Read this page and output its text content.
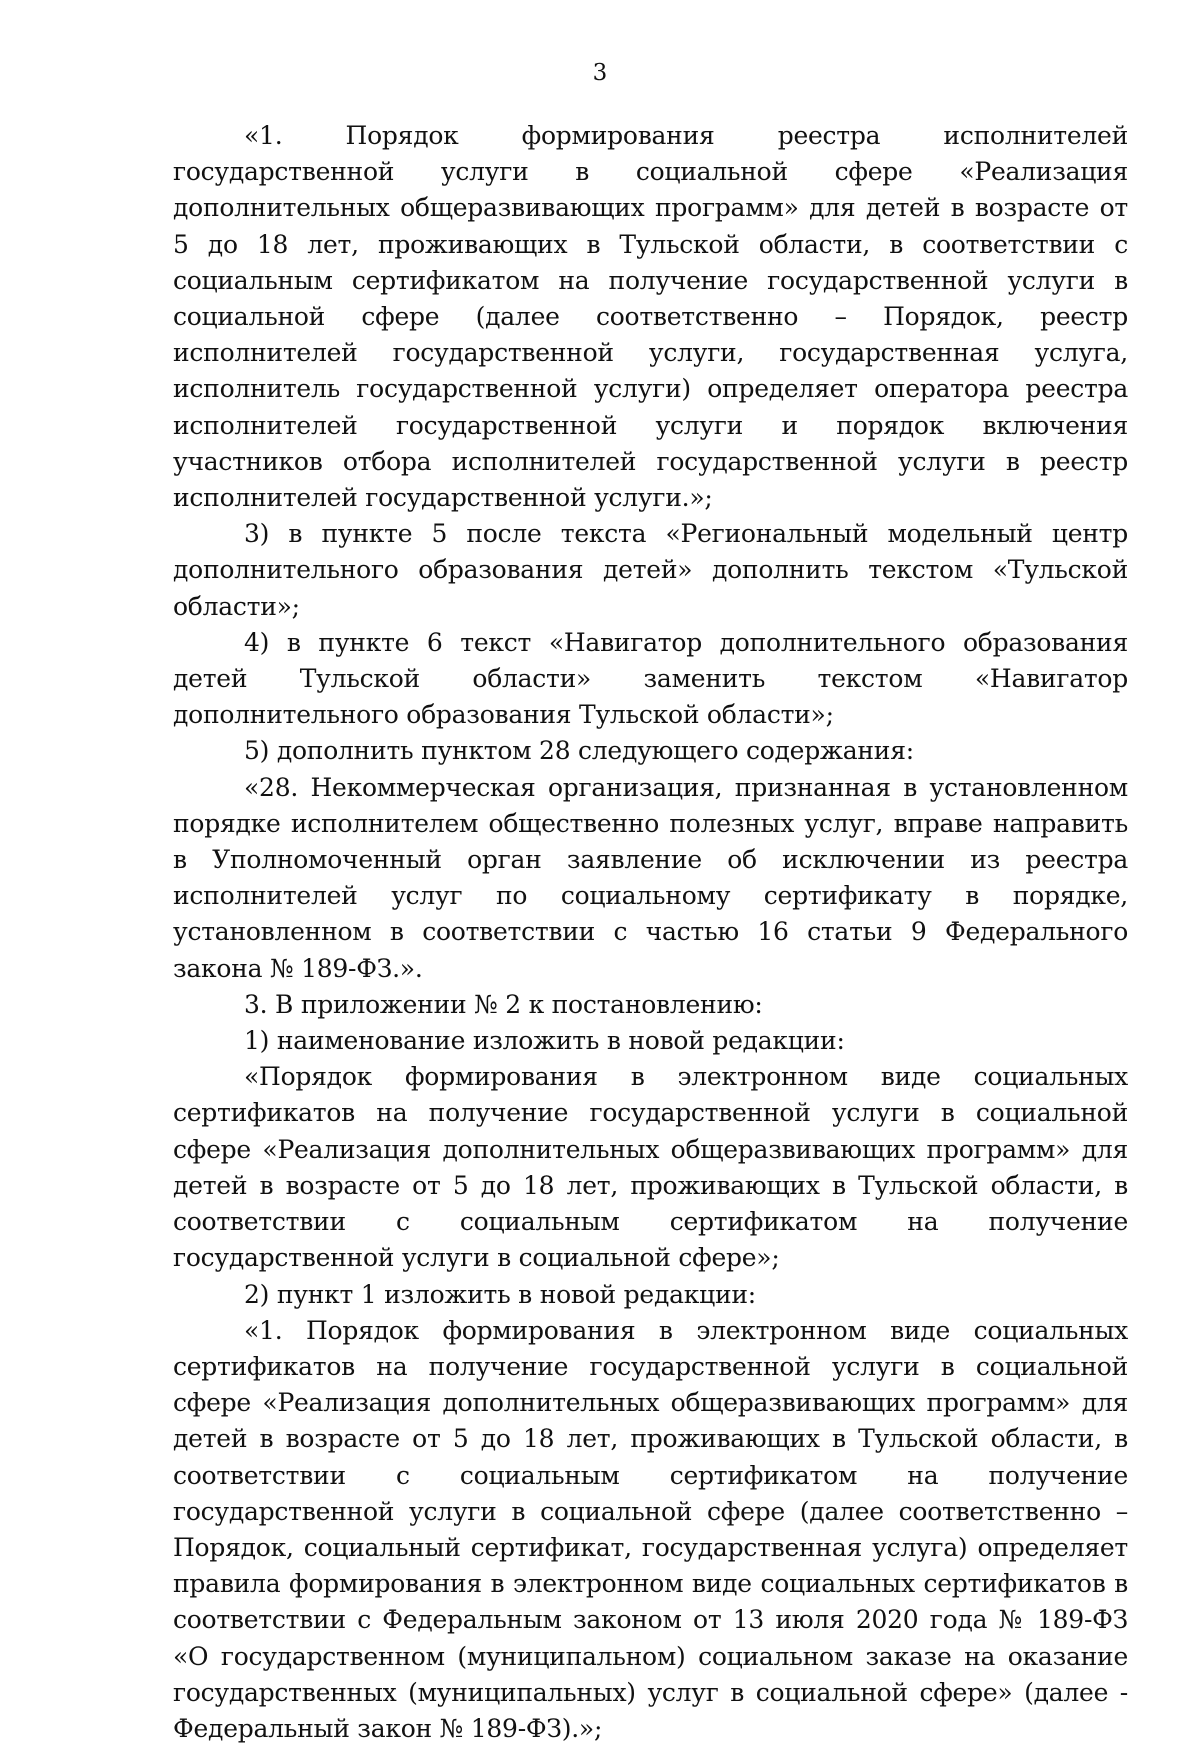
3

«1. Порядок формирования реестра исполнителей государственной услуги в социальной сфере «Реализация дополнительных общеразвивающих программ» для детей в возрасте от 5 до 18 лет, проживающих в Тульской области, в соответствии с социальным сертификатом на получение государственной услуги в социальной сфере (далее соответственно – Порядок, реестр исполнителей государственной услуги, государственная услуга, исполнитель государственной услуги) определяет оператора реестра исполнителей государственной услуги и порядок включения участников отбора исполнителей государственной услуги в реестр исполнителей государственной услуги.»;

3) в пункте 5 после текста «Региональный модельный центр дополнительного образования детей» дополнить текстом «Тульской области»;

4) в пункте 6 текст «Навигатор дополнительного образования детей Тульской области» заменить текстом «Навигатор дополнительного образования Тульской области»;

5) дополнить пунктом 28 следующего содержания:

«28. Некоммерческая организация, признанная в установленном порядке исполнителем общественно полезных услуг, вправе направить в Уполномоченный орган заявление об исключении из реестра исполнителей услуг по социальному сертификату в порядке, установленном в соответствии с частью 16 статьи 9 Федерального закона № 189-ФЗ.».

3. В приложении № 2 к постановлению:

1) наименование изложить в новой редакции:

«Порядок формирования в электронном виде социальных сертификатов на получение государственной услуги в социальной сфере «Реализация дополнительных общеразвивающих программ» для детей в возрасте от 5 до 18 лет, проживающих в Тульской области, в соответствии с социальным сертификатом на получение государственной услуги в социальной сфере»;

2) пункт 1 изложить в новой редакции:

«1. Порядок формирования в электронном виде социальных сертификатов на получение государственной услуги в социальной сфере «Реализация дополнительных общеразвивающих программ» для детей в возрасте от 5 до 18 лет, проживающих в Тульской области, в соответствии с социальным сертификатом на получение государственной услуги в социальной сфере (далее соответственно – Порядок, социальный сертификат, государственная услуга) определяет правила формирования в электронном виде социальных сертификатов в соответствии с Федеральным законом от 13 июля 2020 года № 189-ФЗ «О государственном (муниципальном) социальном заказе на оказание государственных (муниципальных) услуг в социальной сфере» (далее - Федеральный закон № 189-ФЗ).»;
